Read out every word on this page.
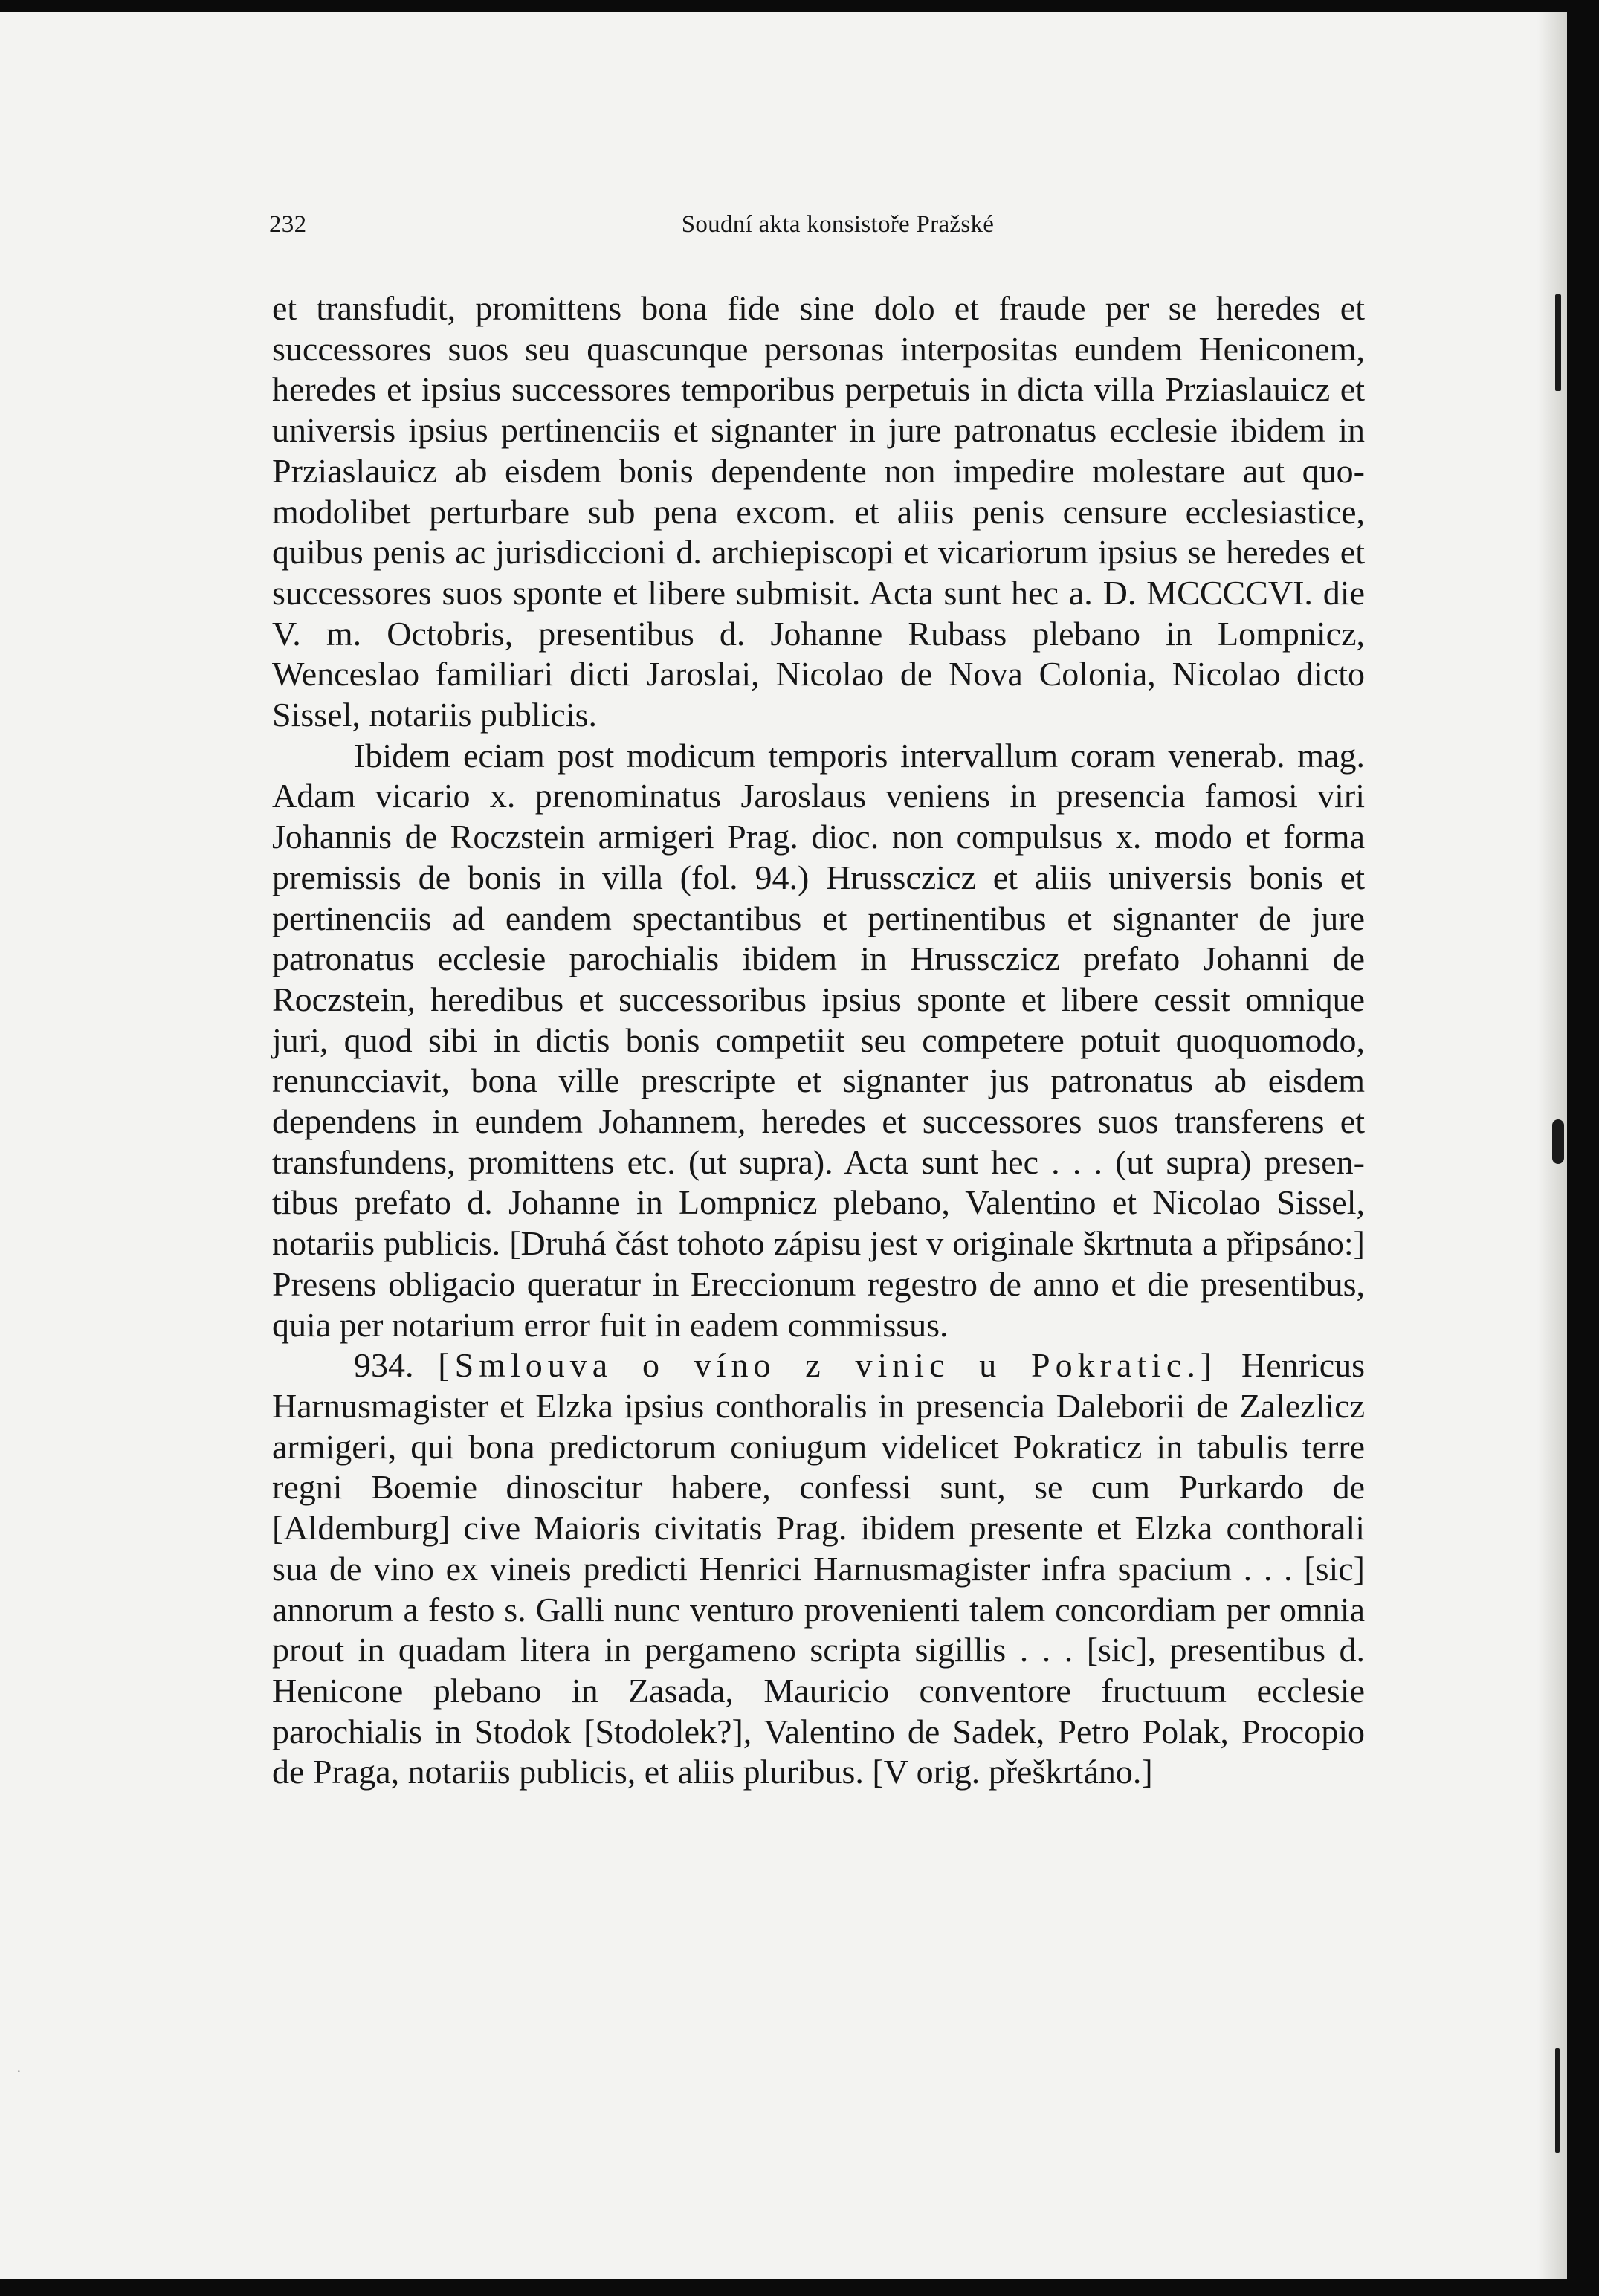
232	Soudní akta konsistoře Pražské

et transfudit, promittens bona fide sine dolo et fraude per se heredes et successores suos seu quascunque personas interpositas eundem Heniconem, heredes et ipsius successores temporibus perpetuis in dicta villa Prziaslauicz et universis ipsius pertinenciis et signanter in jure patronatus ecclesie ibidem in Prziaslauicz ab eisdem bonis dependente non impedire molestare aut quomodolibet perturbare sub pena excom. et aliis penis censure ecclesiastice, quibus penis ac jurisdiccioni d. archiepiscopi et vicariorum ipsius se heredes et successores suos sponte et libere submisit. Acta sunt hec a. D. MCCCCVI. die V. m. Octobris, presentibus d. Johanne Rubass plebano in Lompnicz, Wenceslao familiari dicti Jaroslai, Nicolao de Nova Colonia, Nicolao dicto Sissel, notariis publicis.

Ibidem eciam post modicum temporis intervallum coram venerab. mag. Adam vicario x. prenominatus Jaroslaus veniens in presencia famosi viri Johannis de Roczstein armigeri Prag. dioc. non compulsus x. modo et forma premissis de bonis in villa (fol. 94.) Hrussczicz et aliis universis bonis et pertinenciis ad eandem spectantibus et pertinentibus et signanter de jure patronatus ecclesie parochialis ibidem in Hrussczicz prefato Johanni de Roczstein, heredibus et successoribus ipsius sponte et libere cessit omnique juri, quod sibi in dictis bonis competiit seu competere potuit quoquomodo, renuncciavit, bona ville prescripte et signanter jus patronatus ab eisdem dependens in eundem Johannem, heredes et successores suos transferens et transfundens, promittens etc. (ut supra). Acta sunt hec . . . (ut supra) presentibus prefato d. Johanne in Lompnicz plebano, Valentino et Nicolao Sissel, notariis publicis. [Druhá část tohoto zápisu jest v originale škrtnuta a připsáno:] Presens obligacio queratur in Ereccionum regestro de anno et die presentibus, quia per notarium error fuit in eadem commissus.

934. [Smlouva o víno z vinic u Pokratic.] Henricus Harnusmagister et Elzka ipsius conthoralis in presencia Daleborii de Zalezlicz armigeri, qui bona predictorum coniugum videlicet Pokraticz in tabulis terre regni Boemie dinoscitur habere, confessi sunt, se cum Purkardo de [Aldemburg] cive Maioris civitatis Prag. ibidem presente et Elzka conthorali sua de vino ex vineis predicti Henrici Harnusmagister infra spacium . . . [sic] annorum a festo s. Galli nunc venturo provenienti talem concordiam per omnia prout in quadam litera in pergameno scripta sigillis . . . [sic], presentibus d. Henicone plebano in Zasada, Mauricio conventore fructuum ecclesie parochialis in Stodok [Stodolek?], Valentino de Sadek, Petro Polak, Procopio de Praga, notariis publicis, et aliis pluribus. [V orig. přeškrtáno.]

·
